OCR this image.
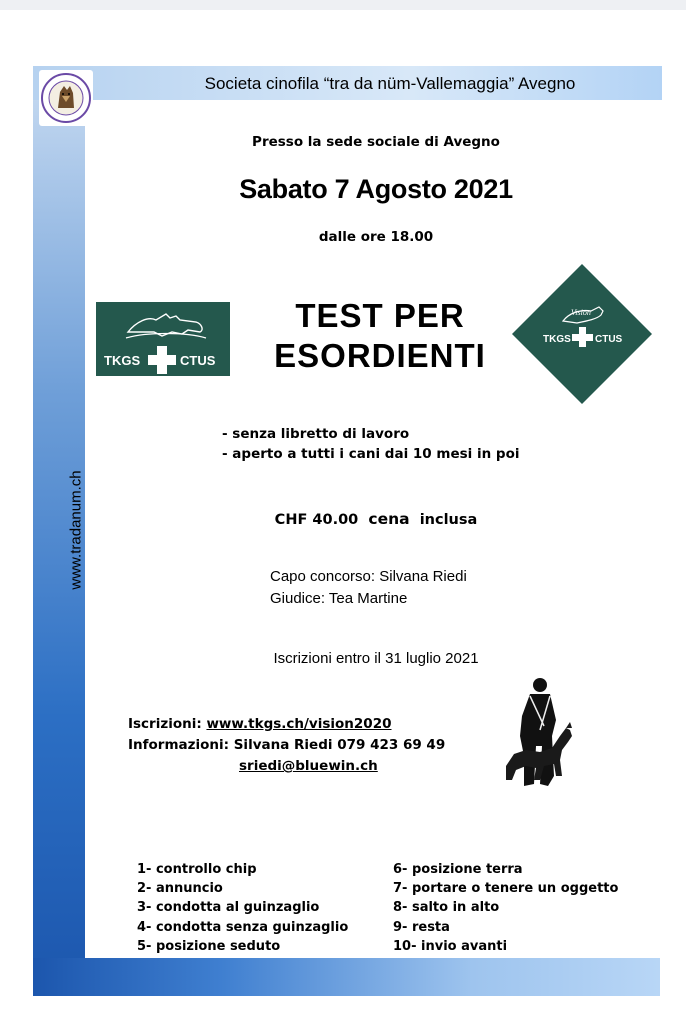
Societa cinofila “tra da nüm-Vallemaggia” Avegno
Presso la sede sociale di Avegno
Sabato 7 Agosto 2021
dalle ore 18.00
TKGS	CTUS
TEST PER
ESORDIENTI
Vision
TKGS CTUS
- senza libretto di lavoro
- aperto a tutti i cani dai 10 mesi in poi
CHF 40.00 cena inclusa
Capo concorso: Silvana Riedi
Giudice: Tea Martine
Iscrizioni entro il 31 luglio 2021
Iscrizioni: www.tkgs.ch/vision2020
Informazioni: Silvana Riedi 079 423 69 49
sriedi@bluewin.ch
1- controllo chip
2- annuncio
3- condotta al guinzaglio
4- condotta senza guinzaglio
5- posizione seduto
6- posizione terra
7- portare o tenere un oggetto
8- salto in alto
9- resta
10- invio avanti
www.tradanum.ch
